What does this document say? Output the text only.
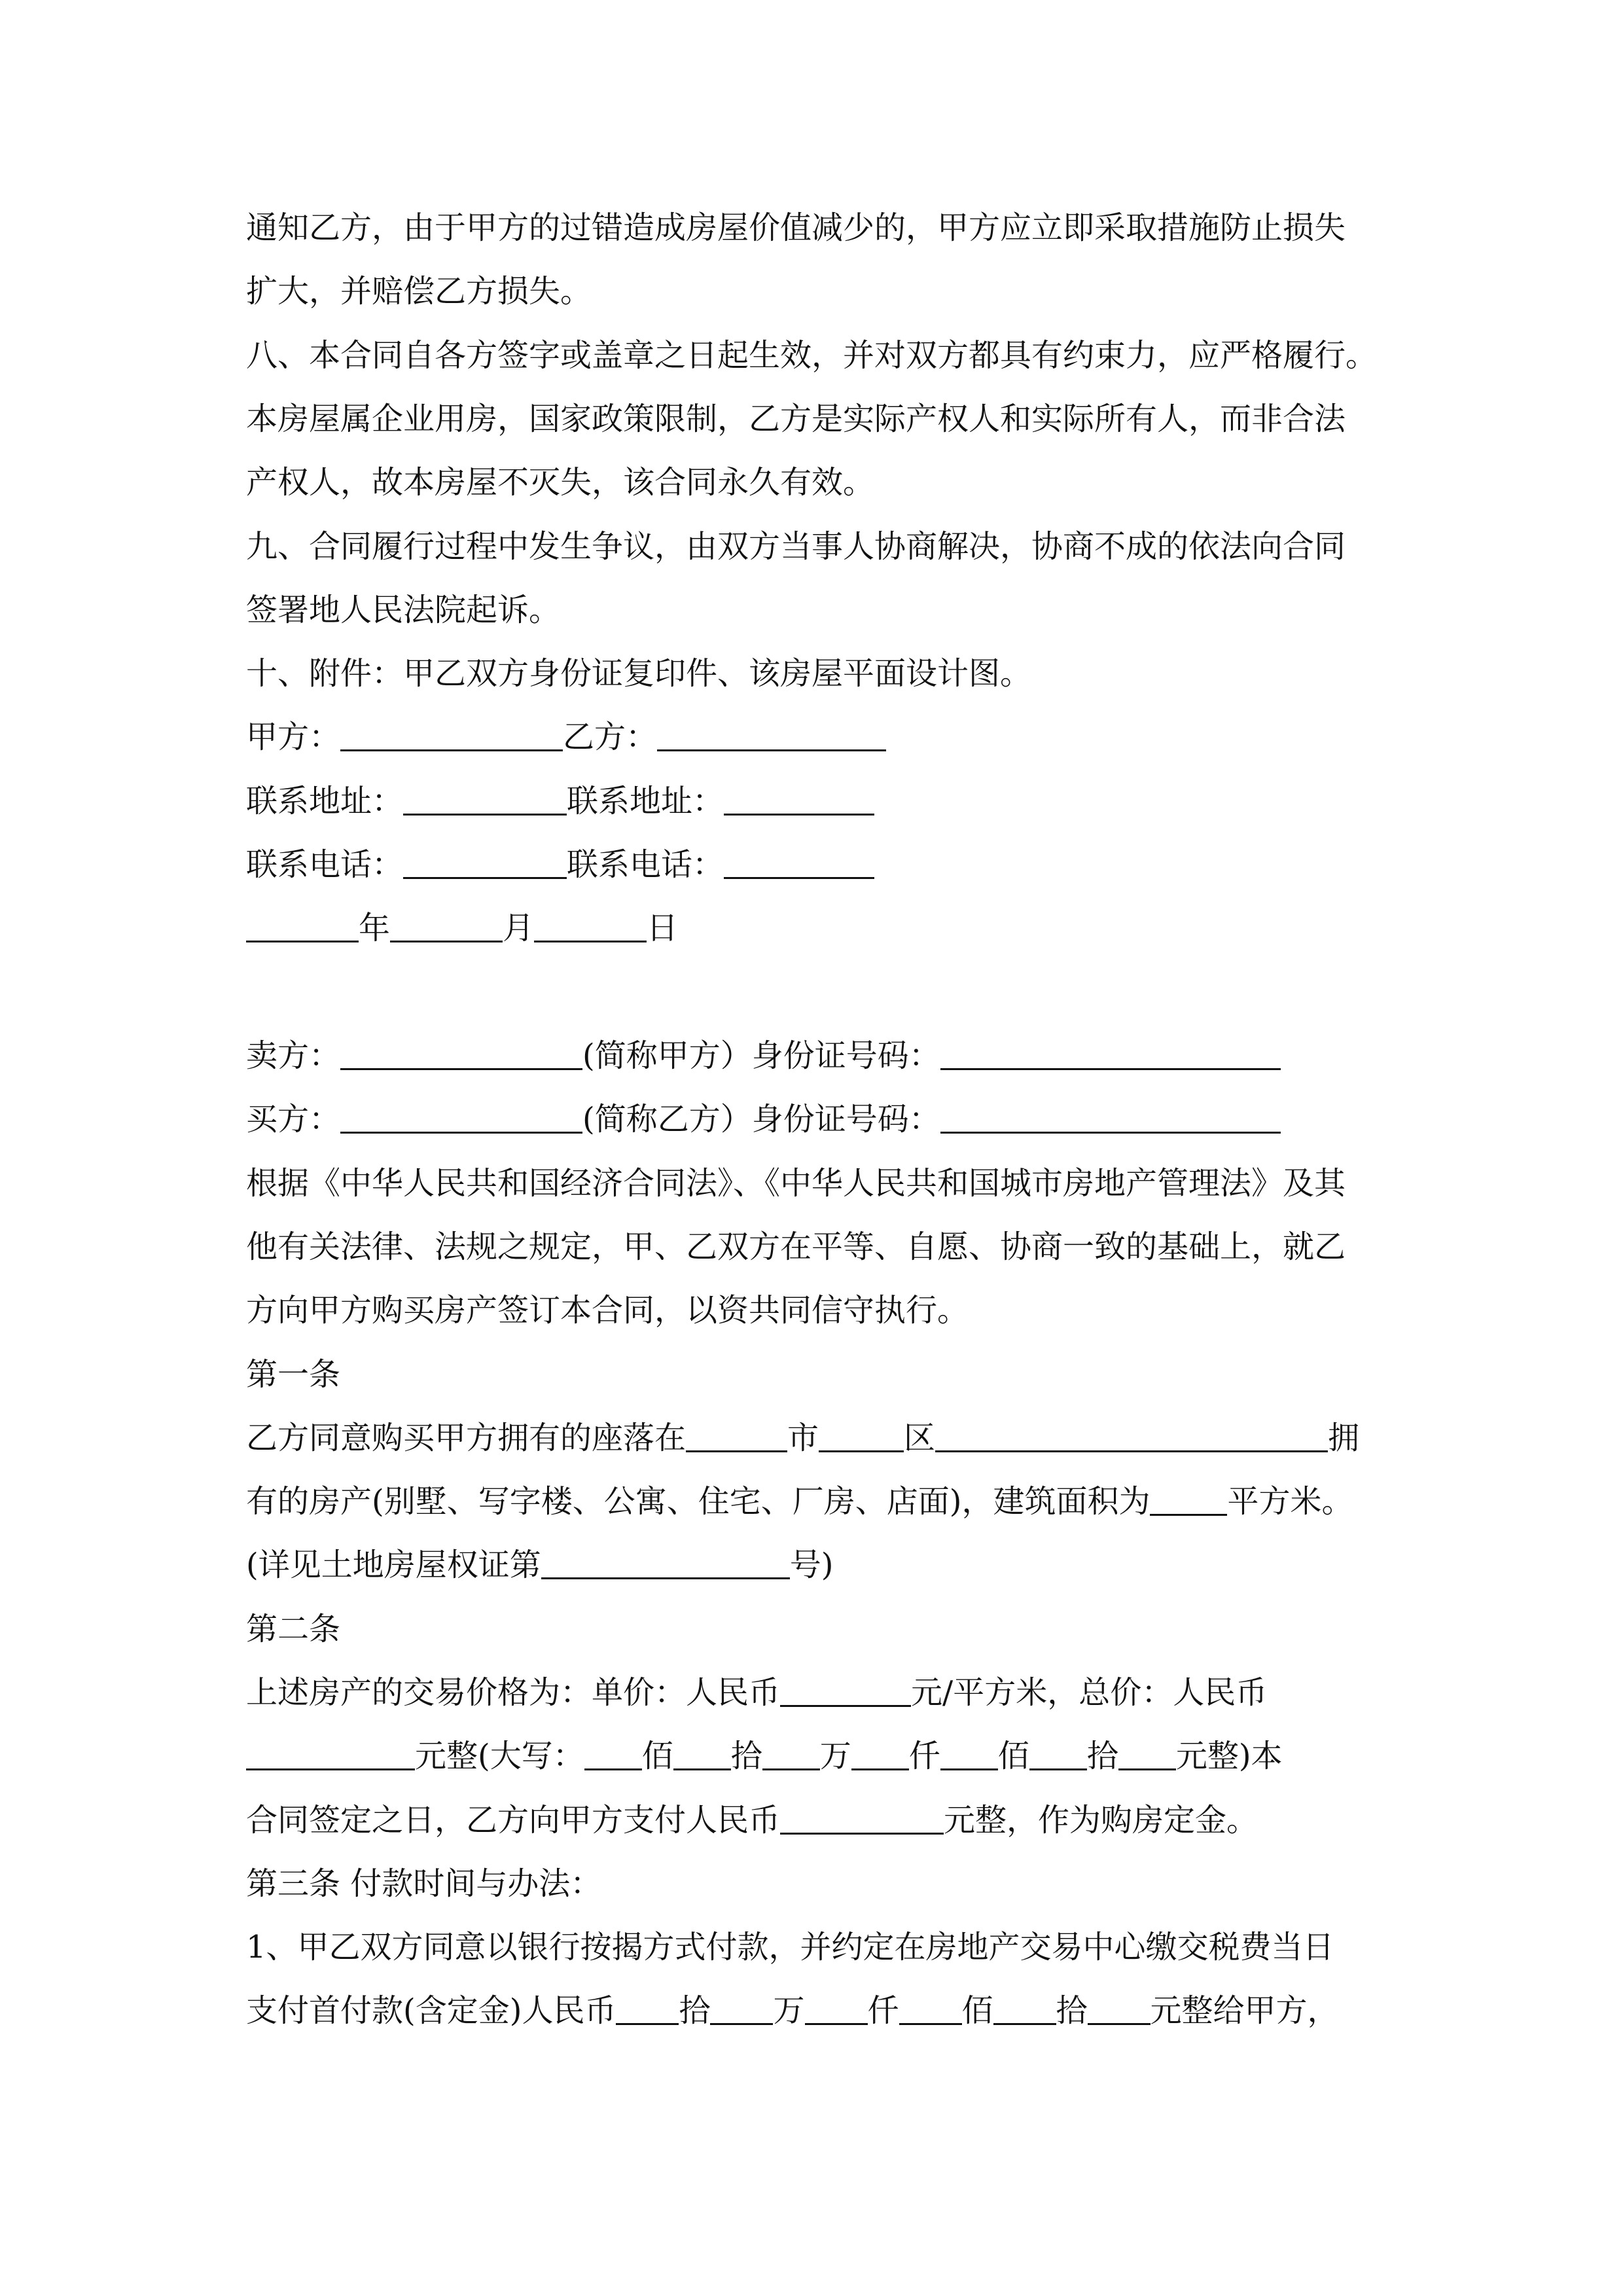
通知乙方，由于甲方的过错造成房屋价值减少的，甲方应立即采取措施防止损失

扩大，并赔偿乙方损失。

八、本合同自各方签字或盖章之日起生效，并对双方都具有约束力，应严格履行。

本房屋属企业用房，国家政策限制，乙方是实际产权人和实际所有人，而非合法

产权人，故本房屋不灭失，该合同永久有效。

九、合同履行过程中发生争议，由双方当事人协商解决，协商不成的依法向合同

签署地人民法院起诉。

十、附件：甲乙双方身份证复印件、该房屋平面设计图。

甲方：	乙方：

联系地址：	联系地址：

联系电话：	联系电话：

年	月	日

卖方：	(简称甲方）身份证号码：

买方：	(简称乙方）身份证号码：

根据《中华人民共和国经济合同法》、《中华人民共和国城市房地产管理法》及其

他有关法律、法规之规定，甲、乙双方在平等、自愿、协商一致的基础上，就乙

方向甲方购买房产签订本合同，以资共同信守执行。

第一条

乙方同意购买甲方拥有的座落在	市	区	拥

有的房产(别墅、写字楼、公寓、住宅、厂房、店面)，建筑面积为 平方米。

(详见土地房屋权证第	号)

第二条

上述房产的交易价格为：单价：人民币	元/平方米，总价：人民币

元整(大写： 佰 拾 万 仟 佰 拾 元整)本

合同签定之日，乙方向甲方支付人民币	元整，作为购房定金。

第三条 付款时间与办法：

1、甲乙双方同意以银行按揭方式付款，并约定在房地产交易中心缴交税费当日

支付首付款(含定金)人民币 拾 万 仟 佰 拾 元整给甲方，
